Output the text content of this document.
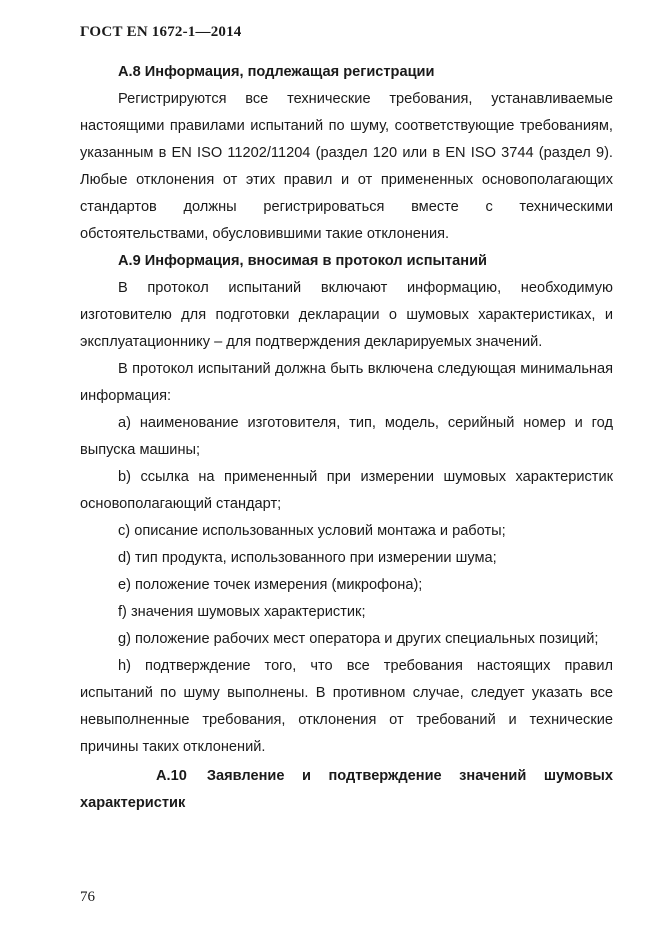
ГОСТ EN 1672-1—2014

А.8 Информация, подлежащая регистрации

Регистрируются все технические требования, устанавливаемые настоящими правилами испытаний по шуму, соответствующие требованиям, указанным в EN ISO 11202/11204 (раздел 120 или в EN ISO 3744 (раздел 9). Любые отклонения от этих правил и от примененных основополагающих стандартов должны регистрироваться вместе с техническими обстоятельствами, обусловившими такие отклонения.

А.9 Информация, вносимая в протокол испытаний

В протокол испытаний включают информацию, необходимую изготовителю для подготовки декларации о шумовых характеристиках, и эксплуатационнику – для подтверждения декларируемых значений.

В протокол испытаний должна быть включена следующая минимальная информация:

a) наименование изготовителя, тип, модель, серийный номер и год выпуска машины;

b) ссылка на примененный при измерении шумовых характеристик основополагающий стандарт;

c) описание использованных условий монтажа и работы;

d) тип продукта, использованного при измерении шума;

e) положение точек измерения (микрофона);

f) значения шумовых характеристик;

g) положение рабочих мест оператора и других специальных позиций;

h) подтверждение того, что все требования настоящих правил испытаний по шуму выполнены. В противном случае, следует указать все невыполненные требования, отклонения от требований и технические причины таких отклонений.

А.10 Заявление и подтверждение значений шумовых характеристик

76
